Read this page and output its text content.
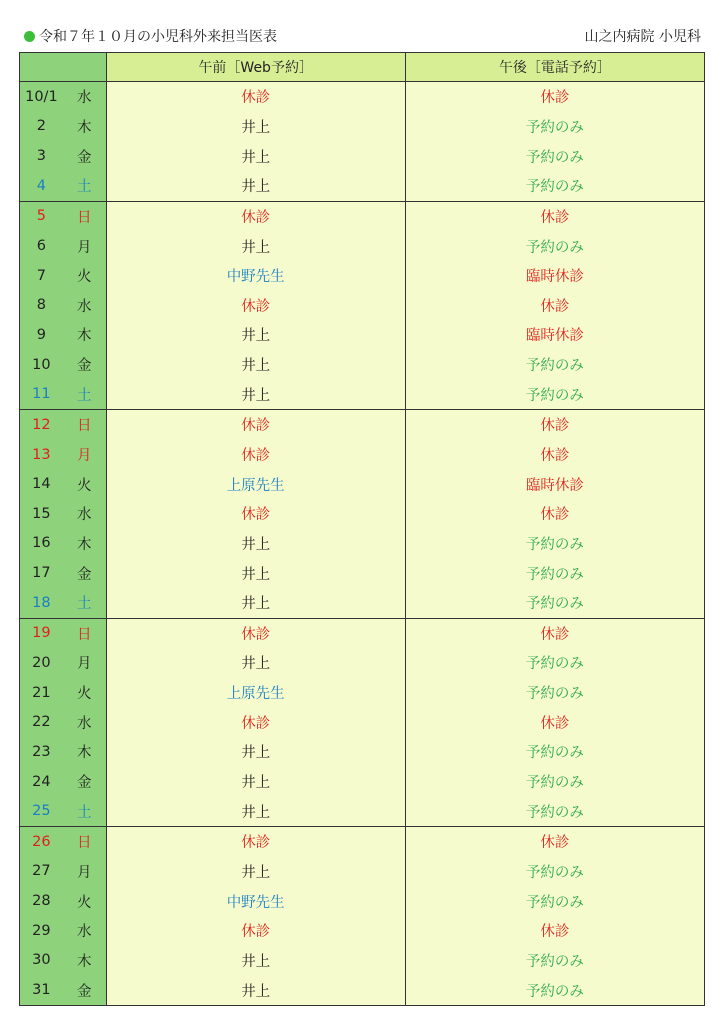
令和７年１０月の小児科外来担当医表	山之内病院 小児科
		午前［Web予約］	午後［電話予約］
10/1	水	休診	休診
2	木	井上	予約のみ
3	金	井上	予約のみ
4	土	井上	予約のみ
5	日	休診	休診
6	月	井上	予約のみ
7	火	中野先生	臨時休診
8	水	休診	休診
9	木	井上	臨時休診
10	金	井上	予約のみ
11	土	井上	予約のみ
12	日	休診	休診
13	月	休診	休診
14	火	上原先生	臨時休診
15	水	休診	休診
16	木	井上	予約のみ
17	金	井上	予約のみ
18	土	井上	予約のみ
19	日	休診	休診
20	月	井上	予約のみ
21	火	上原先生	予約のみ
22	水	休診	休診
23	木	井上	予約のみ
24	金	井上	予約のみ
25	土	井上	予約のみ
26	日	休診	休診
27	月	井上	予約のみ
28	火	中野先生	予約のみ
29	水	休診	休診
30	木	井上	予約のみ
31	金	井上	予約のみ
